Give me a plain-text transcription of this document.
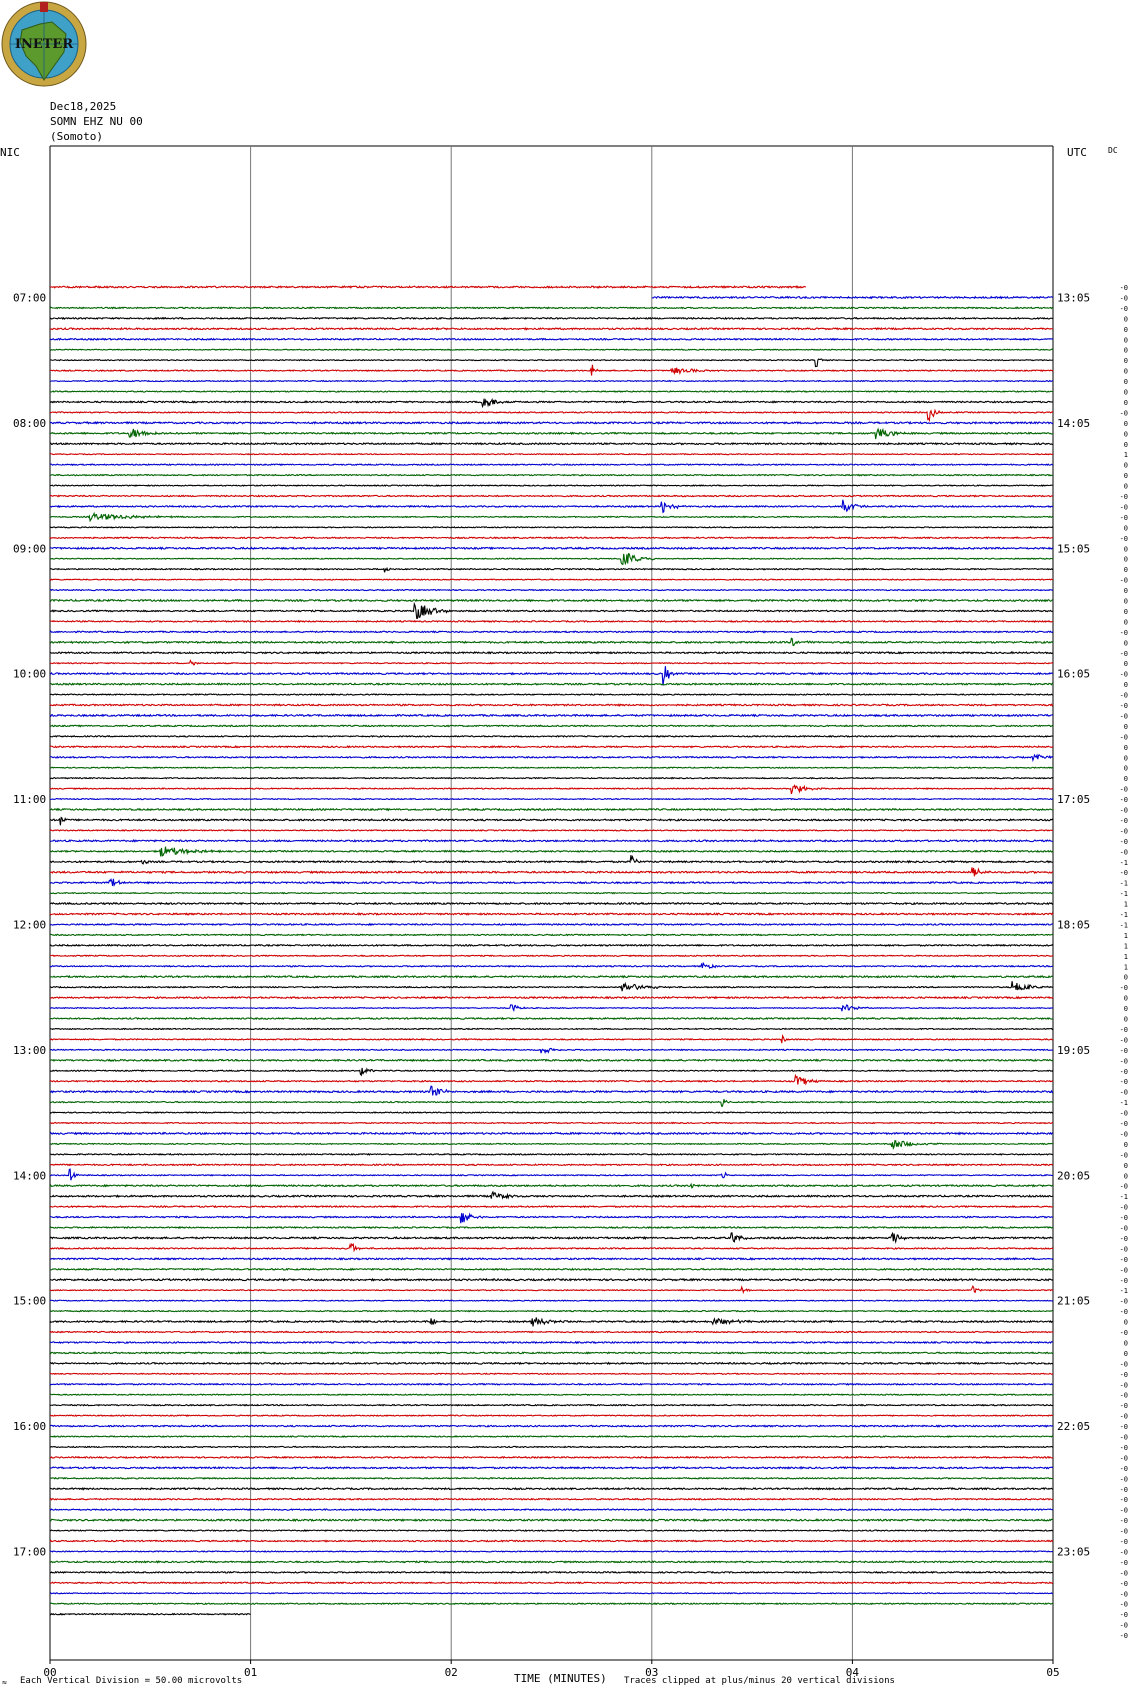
07:00
08:00
09:00
10:00
11:00
12:00
13:00
14:00
15:00
16:00
17:00
13:05
14:05
15:05
16:05
17:05
18:05
19:05
20:05
21:05
22:05
23:05
00	01	02	03	04	05
-0
-0
-0
0
0
0
0
0
0
0
0
0
-0
0
0
0
1
0
0
0
-0
-0
-0
0
-0
0
0
0
-0
0
0
0
0
-0
0
-0
0
-0
0
-0
-0
-0
0
-0
0
0
0
0
-0
-0
-0
-0
-0
-0
-0
-1
-0
-1
-1
1
-1
-1
1
1
1
1
0
-0
0
0
0
-0
-0
-0
-0
-0
-0
-0
-1
-0
-0
-0
0
-0
0
0
-0
-1
-0
-0
-0
-0
-0
-0
-0
-0
-1
-0
-0
0
-0
0
0
-0
-0
-0
-0
-0
-0
-0
-0
-0
-0
-0
-0
-0
-0
-0
-0
-0
-0
-0
-0
-0
-0
-0
-0
-0
-0
-0
INETER
Dec18,2025
SOMN EHZ NU 00
(Somoto)
NIC	UTC	DC
≈ Each Vertical Division = 50.00 microvolts	TIME (MINUTES) Traces clipped at plus/minus 20 vertical divisions
